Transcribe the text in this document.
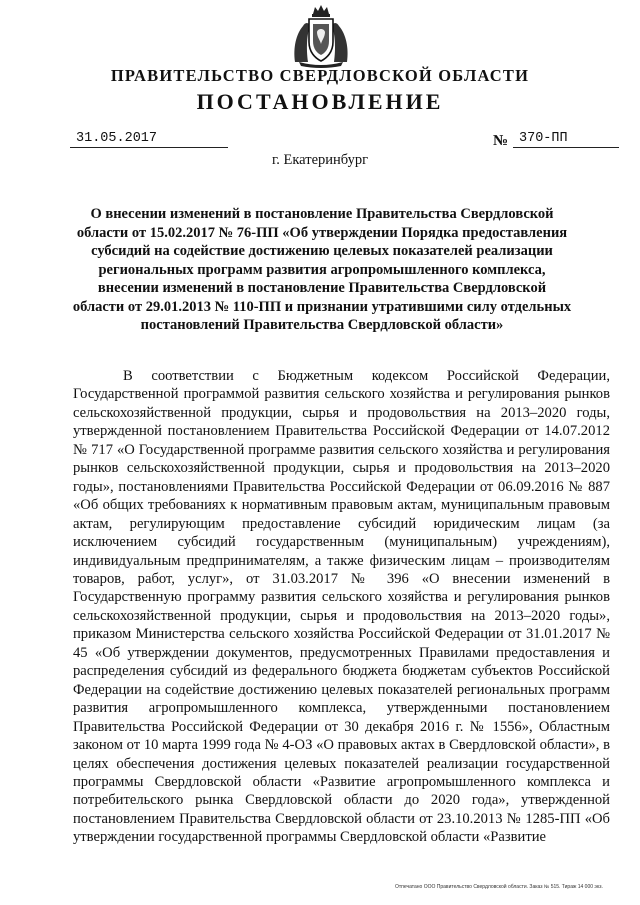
ПРАВИТЕЛЬСТВО СВЕРДЛОВСКОЙ ОБЛАСТИ
ПОСТАНОВЛЕНИЕ
31.05.2017	№ 370-ПП
г. Екатеринбург

О внесении изменений в постановление Правительства Свердловской области от 15.02.2017 № 76-ПП «Об утверждении Порядка предоставления субсидий на содействие достижению целевых показателей реализации региональных программ развития агропромышленного комплекса, внесении изменений в постановление Правительства Свердловской области от 29.01.2013 № 110-ПП и признании утратившими силу отдельных постановлений Правительства Свердловской области»

В соответствии с Бюджетным кодексом Российской Федерации, Государственной программой развития сельского хозяйства и регулирования рынков сельскохозяйственной продукции, сырья и продовольствия на 2013–2020 годы, утвержденной постановлением Правительства Российской Федерации от 14.07.2012 № 717 «О Государственной программе развития сельского хозяйства и регулирования рынков сельскохозяйственной продукции, сырья и продовольствия на 2013–2020 годы», постановлениями Правительства Российской Федерации от 06.09.2016 № 887 «Об общих требованиях к нормативным правовым актам, муниципальным правовым актам, регулирующим предоставление субсидий юридическим лицам (за исключением субсидий государственным (муниципальным) учреждениям), индивидуальным предпринимателям, а также физическим лицам – производителям товаров, работ, услуг», от 31.03.2017 № 396 «О внесении изменений в Государственную программу развития сельского хозяйства и регулирования рынков сельскохозяйственной продукции, сырья и продовольствия на 2013–2020 годы», приказом Министерства сельского хозяйства Российской Федерации от 31.01.2017 № 45 «Об утверждении документов, предусмотренных Правилами предоставления и распределения субсидий из федерального бюджета бюджетам субъектов Российской Федерации на содействие достижению целевых показателей региональных программ развития агропромышленного комплекса, утвержденными постановлением Правительства Российской Федерации от 30 декабря 2016 г. № 1556», Областным законом от 10 марта 1999 года № 4-ОЗ «О правовых актах в Свердловской области», в целях обеспечения достижения целевых показателей реализации государственной программы Свердловской области «Развитие агропромышленного комплекса и потребительского рынка Свердловской области до 2020 года», утвержденной постановлением Правительства Свердловской области от 23.10.2013 № 1285-ПП «Об утверждении государственной программы Свердловской области «Развитие

Отпечатано ООО Правительство Свердловской области. Заказ № 515. Тираж 14 000 экз.
